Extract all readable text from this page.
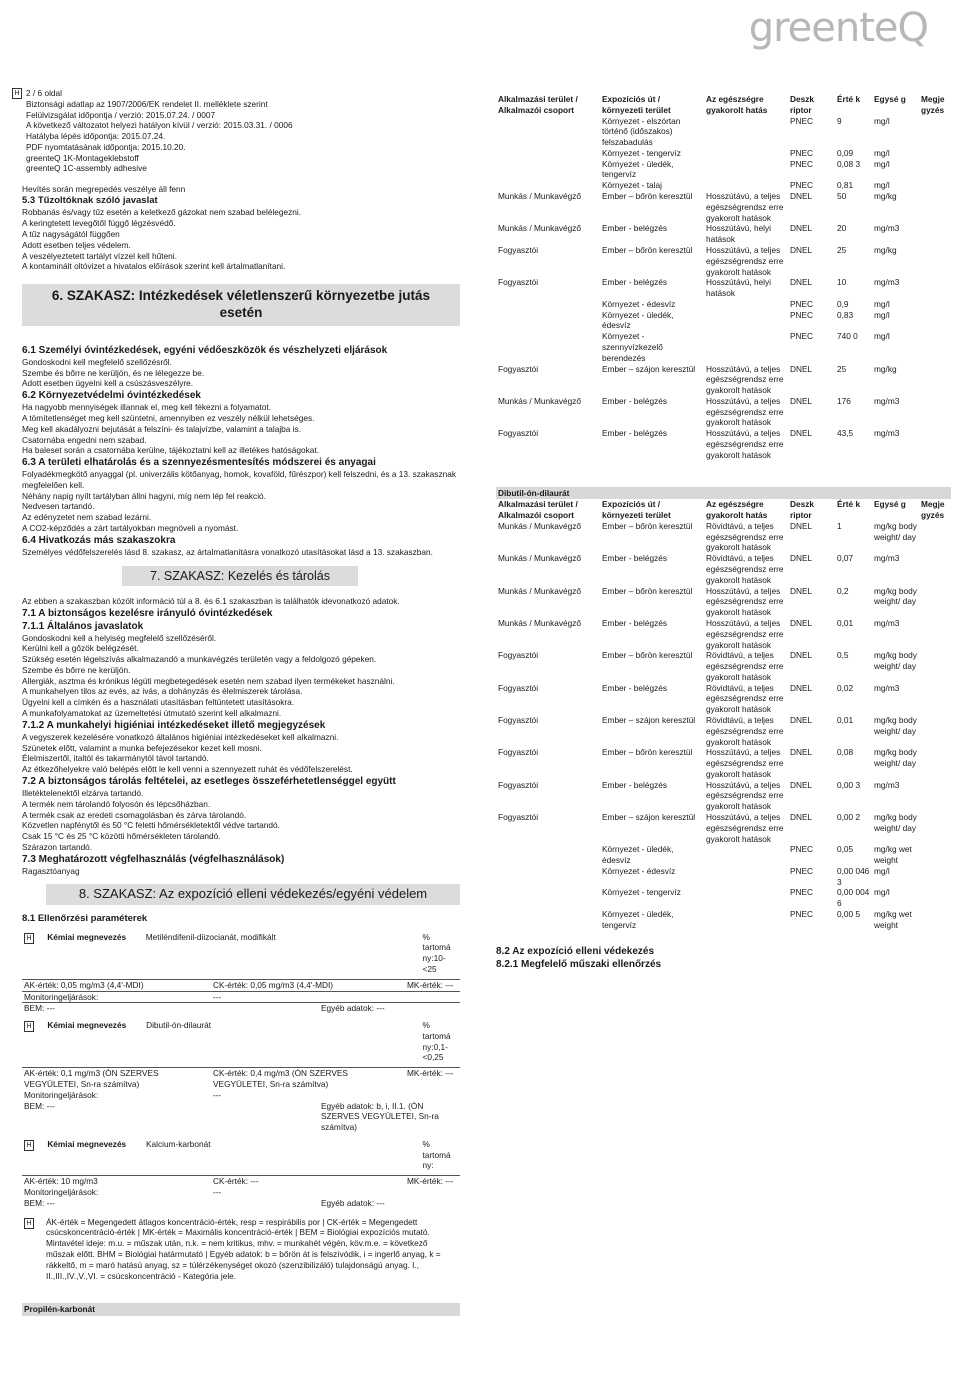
greenteQ
H 2 / 6 oldal

Biztonsági adatlap az 1907/2006/EK rendelet II. melléklete szerint

Felülvizsgálat időpontja / verzió: 2015.07.24. / 0007

A következő változatot helyezi hatályon kívül / verzió: 2015.03.31. / 0006

Hatályba lépés időpontja: 2015.07.24.

PDF nyomtatásának időpontja: 2015.10.20.

greenteQ 1K-Montageklebstoff

greenteQ 1C-assembly adhesive

Hevítés során megrepedés veszélye áll fenn

5.3 Tűzoltóknak szóló javaslat

Robbanás és/vagy tűz esetén a keletkező gázokat nem szabad belélegezni.

A keringtetett levegőtől függő légzésvédő.

A tűz nagyságától függően

Adott esetben teljes védelem.

A veszélyeztetett tartályt vízzel kell hűteni.

A kontaminált oltóvizet a hivatalos előírások szerint kell ártalmatlanítani.

6. SZAKASZ: Intézkedések véletlenszerű környezetbe jutás esetén

6.1 Személyi óvintézkedések, egyéni védőeszközök és vészhelyzeti eljárások

Gondoskodni kell megfelelő szellőzésről.

Szembe és bőrre ne kerüljön, és ne lélegezze be.

Adott esetben ügyelni kell a csúszásveszélyre.

6.2 Környezetvédelmi óvintézkedések

Ha nagyobb mennyiségek illannak el, meg kell fékezni a folyamatot.

A tömítetlenséget meg kell szüntetni, amennyiben ez veszély nélkül lehetséges.

Meg kell akadályozni bejutását a felszíni- és talajvízbe, valamint a talajba is.

Csatornába engedni nem szabad.

Ha baleset során a csatornába kerülne, tájékoztatni kell az illetékes hatóságokat.

6.3 A területi elhatárolás és a szennyezésmentesítés módszerei és anyagai

Folyadékmegkötő anyaggal (pl. univerzális kötőanyag, homok, kovaföld, fűrészpor) kell felszedni, és a 13. szakasznak megfelelően kell.

Néhány napig nyílt tartályban állni hagyni, míg nem lép fel reakció.

Nedvesen tartandó.

Az edényzetet nem szabad lezárni.

A CO2-képződés a zárt tartályokban megnöveli a nyomást.

6.4 Hivatkozás más szakaszokra

Személyes védőfelszerelés lásd 8. szakasz, az ártalmatlanításra vonatkozó utasításokat lásd a 13. szakaszban.

7. SZAKASZ: Kezelés és tárolás

Az ebben a szakaszban közölt információ túl a 8. és 6.1 szakaszban is találhatók idevonatkozó adatok.

7.1 A biztonságos kezelésre irányuló óvintézkedések

7.1.1 Általános javaslatok

Gondoskodni kell a helyiség megfelelő szellőzéséről.

Kerülni kell a gőzök belégzését.

Szükség esetén légelszívás alkalmazandó a munkavégzés területén vagy a feldolgozó gépeken.

Szembe és bőrre ne kerüljön.

Allergiák, asztma és krónikus légúti megbetegedések esetén nem szabad ilyen termékeket használni.

A munkahelyen tilos az evés, az ivás, a dohányzás és élelmiszerek tárolása.

Ügyelni kell a címkén és a használati utasításban feltüntetett utasításokra.

A munkafolyamatokat az üzemeltetési útmutató szerint kell alkalmazni.

7.1.2 A munkahelyi higiéniai intézkedéseket illető megjegyzések

A vegyszerek kezelésére vonatkozó általános higiéniai intézkedéseket kell alkalmazni.

Szünetek előtt, valamint a munka befejezésekor kezet kell mosni.

Élelmiszertől, italtól és takarmánytól távol tartandó.

Az étkezőhelyekre való belépés előtt le kell venni a szennyezett ruhát és védőfelszerelést.

7.2 A biztonságos tárolás feltételei, az esetleges összeférhetetlenséggel együtt

Illetéktelenektől elzárva tartandó.

A termék nem tárolandó folyosón és lépcsőházban.

A termék csak az eredeti csomagolásban és zárva tárolandó.

Közvetlen napfénytől és 50 °C feletti hőmérsékletektől védve tartandó.

Csak 15 °C és 25 °C közötti hőmérsékleten tárolandó.

Szárazon tartandó.

7.3 Meghatározott végfelhasználás (végfelhasználások)

Ragasztóanyag

8. SZAKASZ: Az expozíció elleni védekezés/egyéni védelem

8.1 Ellenőrzési paraméterek

H	Kémiai megnevezés	Metiléndifenil-diizocianát, modifikált	% tartomá ny:10-<25
AK-érték: 0,05 mg/m3 (4,4'-MDI)	CK-érték: 0,05 mg/m3 (4,4'-MDI)	MK-érték: ---
Monitoringeljárások:	---	
BEM: ---	Egyéb adatok: ---	
H	Kémiai megnevezés	Dibutil-ón-dilaurát	% tartomá ny:0,1-<0,25
AK-érték: 0,1 mg/m3 (ÓN SZERVES VEGYÜLETEI, Sn-ra számítva)	CK-érték: 0,4 mg/m3 (ÓN SZERVES VEGYÜLETEI, Sn-ra számítva)	MK-érték: ---
Monitoringeljárások:	---	
BEM: ---	Egyéb adatok: b, i, II.1. (ÓN SZERVES VEGYÜLETEI, Sn-ra számítva)	
H	Kémiai megnevezés	Kalcium-karbonát	% tartomá ny:
AK-érték: 10 mg/m3	CK-érték: ---	MK-érték: ---
Monitoringeljárások:	---	
BEM: ---	Egyéb adatok: ---	
H	ÁK-érték = Megengedett átlagos koncentráció-érték, resp = respirábilis por | CK-érték = Megengedett csúcskoncentráció-érték | MK-érték = Maximális koncentráció-érték | BEM = Biológiai expozíciós mutató. Mintavétel ideje: m.u. = műszak után, n.k. = nem kritikus, mhv. = munkahét végén, köv.m.e. = következő műszak előtt. BHM = Biológiai határmutató | Egyéb adatok: b = bőrön át is felszívódik, i = ingerlő anyag, k = rákkeltő, m = maró hatású anyag, sz = túlérzékenységet okozó (szenzibilizáló) tulajdonságú anyag. I., II.,III.,IV.,V.,VI. = csúcskoncentráció - Kategória jele.
Propilén-karbonát
Alkalmazási terület / Alkalmazói csoport	Expozíciós út / környezeti terület	Az egészségre gyakorolt hatás	Deszk riptor	Érté k	Egysé g	Megje gyzés
	Környezet - elszórtan történő (időszakos) felszabadulás		PNEC	9	mg/l	
	Környezet - tengervíz		PNEC	0,09	mg/l	
	Környezet - üledék, tengervíz		PNEC	0,08 3	mg/l	
	Környezet - talaj		PNEC	0,81	mg/l	
Munkás / Munkavégző	Ember – bőrön keresztül	Hosszútávú, a teljes egészségrendsz erre gyakorolt hatások	DNEL	50	mg/kg	
Munkás / Munkavégző	Ember - belégzés	Hosszútávú, helyi hatások	DNEL	20	mg/m3	
Fogyasztói	Ember – bőrön keresztül	Hosszútávú, a teljes egészségrendsz erre gyakorolt hatások	DNEL	25	mg/kg	
Fogyasztói	Ember - belégzés	Hosszútávú, helyi hatások	DNEL	10	mg/m3	
	Környezet - édesvíz		PNEC	0,9	mg/l	
	Környezet - üledék, édesvíz		PNEC	0,83	mg/l	
	Környezet - szennyvízkezelő berendezés		PNEC	740 0	mg/l	
Fogyasztói	Ember – szájon keresztül	Hosszútávú, a teljes egészségrendsz erre gyakorolt hatások	DNEL	25	mg/kg	
Munkás / Munkavégző	Ember - belégzés	Hosszútávú, a teljes egészségrendsz erre gyakorolt hatások	DNEL	176	mg/m3	
Fogyasztói	Ember - belégzés	Hosszútávú, a teljes egészségrendsz erre gyakorolt hatások	DNEL	43,5	mg/m3	
Dibutil-ón-dilaurát
Alkalmazási terület / Alkalmazói csoport	Expozíciós út / környezeti terület	Az egészségre gyakorolt hatás	Deszk riptor	Érté k	Egysé g	Megje gyzés
Munkás / Munkavégző	Ember – bőrön keresztül	Rövidtávú, a teljes egészségrendsz erre gyakorolt hatások	DNEL	1	mg/kg body weight/ day	
Munkás / Munkavégző	Ember - belégzés	Rövidtávú, a teljes egészségrendsz erre gyakorolt hatások	DNEL	0,07	mg/m3	
Munkás / Munkavégző	Ember – bőrön keresztül	Hosszútávú, a teljes egészségrendsz erre gyakorolt hatások	DNEL	0,2	mg/kg body weight/ day	
Munkás / Munkavégző	Ember - belégzés	Hosszútávú, a teljes egészségrendsz erre gyakorolt hatások	DNEL	0,01	mg/m3	
Fogyasztói	Ember – bőrön keresztül	Rövidtávú, a teljes egészségrendsz erre gyakorolt hatások	DNEL	0,5	mg/kg body weight/ day	
Fogyasztói	Ember - belégzés	Rövidtávú, a teljes egészségrendsz erre gyakorolt hatások	DNEL	0,02	mg/m3	
Fogyasztói	Ember – szájon keresztül	Rövidtávú, a teljes egészségrendsz erre gyakorolt hatások	DNEL	0,01	mg/kg body weight/ day	
Fogyasztói	Ember – bőrön keresztül	Hosszútávú, a teljes egészségrendsz erre gyakorolt hatások	DNEL	0,08	mg/kg body weight/ day	
Fogyasztói	Ember - belégzés	Hosszútávú, a teljes egészségrendsz erre gyakorolt hatások	DNEL	0,00 3	mg/m3	
Fogyasztói	Ember – szájon keresztül	Hosszútávú, a teljes egészségrendsz erre gyakorolt hatások	DNEL	0,00 2	mg/kg body weight/ day	
	Környezet - üledék, édesvíz		PNEC	0,05	mg/kg wet weight	
	Környezet - édesvíz		PNEC	0,00 046 3	mg/l	
	Környezet - tengervíz		PNEC	0,00 004 6	mg/l	
	Környezet - üledék, tengervíz		PNEC	0,00 5	mg/kg wet weight	

8.2 Az expozíció elleni védekezés

8.2.1 Megfelelő műszaki ellenőrzés
